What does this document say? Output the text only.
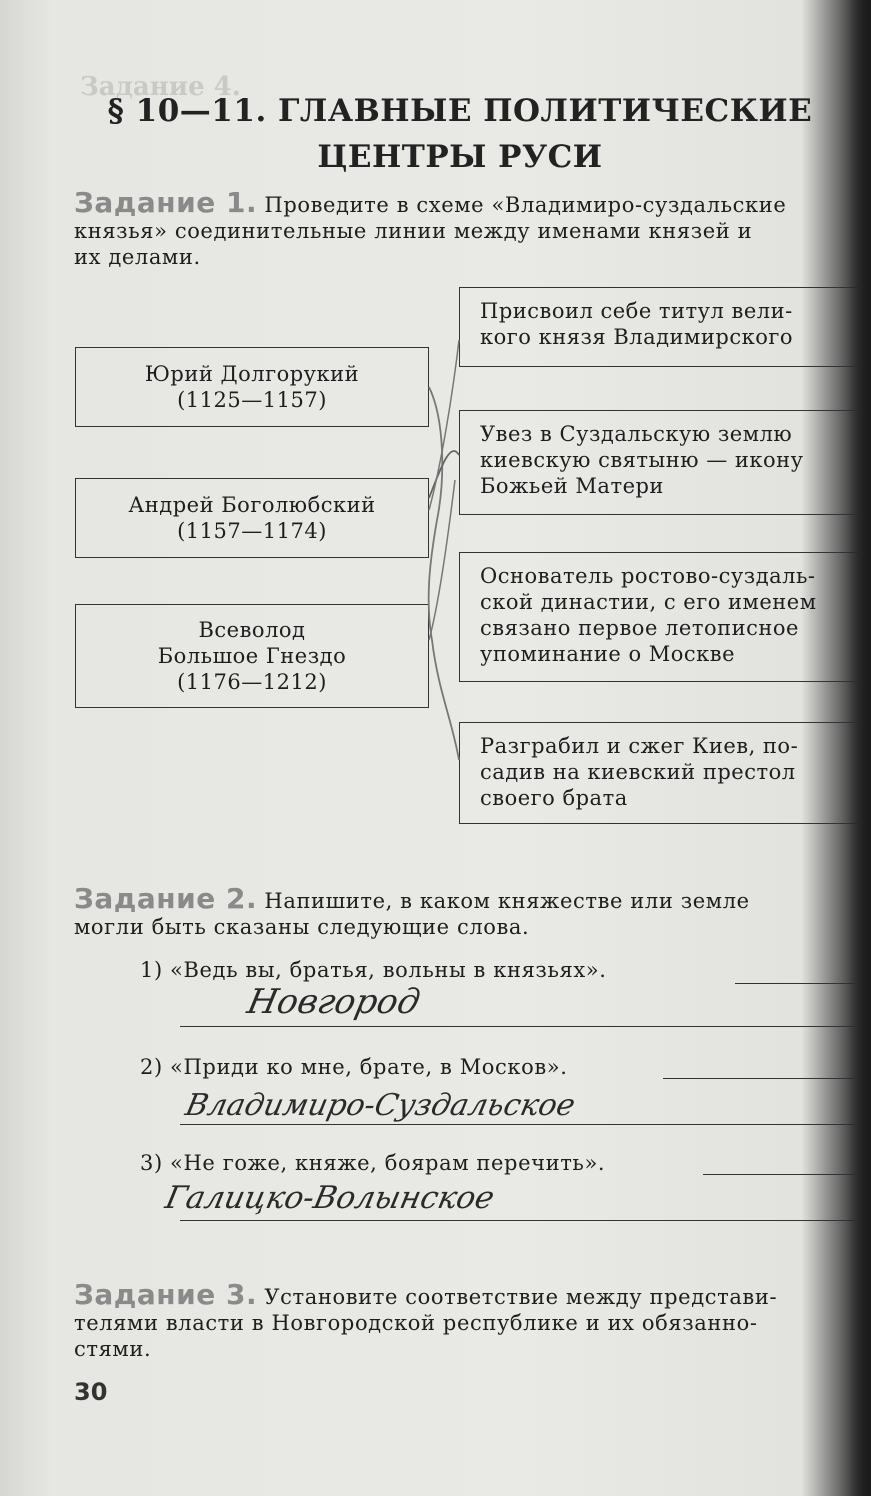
Задание 4.
§ 10—11. ГЛАВНЫЕ ПОЛИТИЧЕСКИЕ
ЦЕНТРЫ РУСИ
Задание 1. Проведите в схеме «Владимиро-суздальские
князья» соединительные линии между именами князей и
их делами.
Юрий Долгорукий
(1125—1157)
Андрей Боголюбский
(1157—1174)
Всеволод
Большое Гнездо
(1176—1212)
Присвоил себе титул вели-
кого князя Владимирского
Увез в Суздальскую землю
киевскую святыню — икону
Божьей Матери
Основатель ростово-суздаль-
ской династии, с его именем
связано первое летописное
упоминание о Москве
Разграбил и сжег Киев, по-
садив на киевский престол
своего брата
Задание 2. Напишите, в каком княжестве или земле
могли быть сказаны следующие слова.
1) «Ведь вы, братья, вольны в князьях».
Новгород
2) «Приди ко мне, брате, в Москов».
Владимиро-Суздальское
3) «Не гоже, княже, боярам перечить».
Галицко-Волынское
Задание 3. Установите соответствие между представи-
телями власти в Новгородской республике и их обязанно-
стями.
30
